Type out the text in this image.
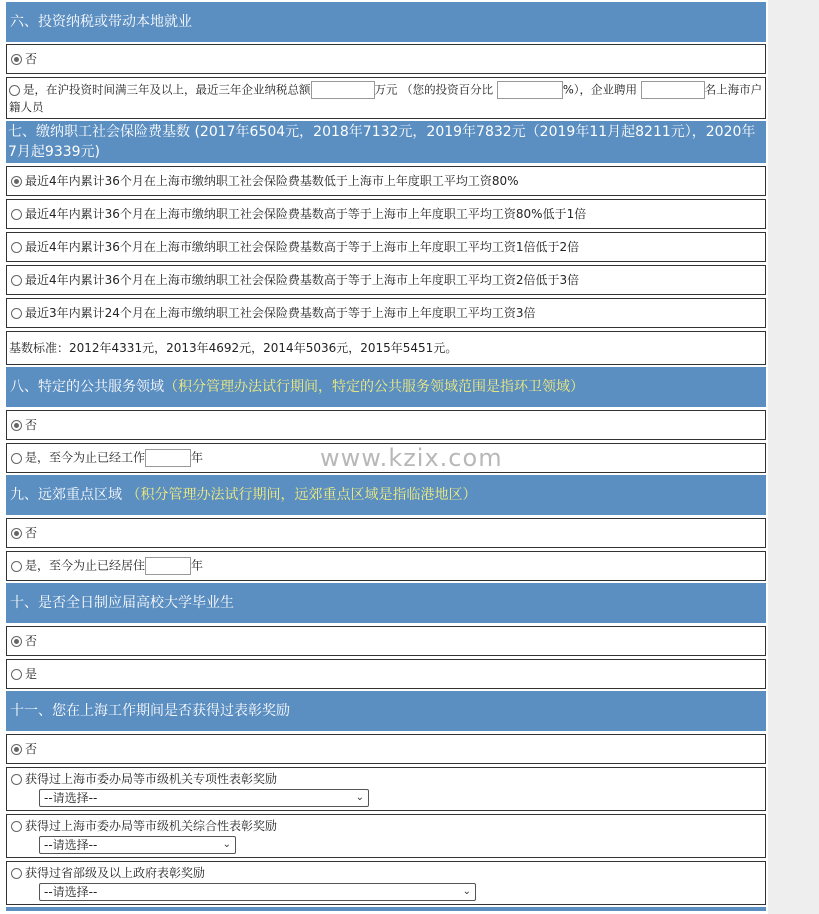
六、投资纳税或带动本地就业
否
是，在沪投资时间满三年及以上，最近三年企业纳税总额	万元 （您的投资百分比	%），企业聘用	名上海市户籍人员
七、缴纳职工社会保险费基数 (2017年6504元，2018年7132元，2019年7832元（2019年11月起8211元），2020年7月起9339元)
最近4年内累计36个月在上海市缴纳职工社会保险费基数低于上海市上年度职工平均工资80%
最近4年内累计36个月在上海市缴纳职工社会保险费基数高于等于上海市上年度职工平均工资80%低于1倍
最近4年内累计36个月在上海市缴纳职工社会保险费基数高于等于上海市上年度职工平均工资1倍低于2倍
最近4年内累计36个月在上海市缴纳职工社会保险费基数高于等于上海市上年度职工平均工资2倍低于3倍
最近3年内累计24个月在上海市缴纳职工社会保险费基数高于等于上海市上年度职工平均工资3倍
基数标准：2012年4331元，2013年4692元，2014年5036元，2015年5451元。
八、特定的公共服务领域（积分管理办法试行期间，特定的公共服务领域范围是指环卫领域）
否
是，至今为止已经工作	年
九、远郊重点区域 （积分管理办法试行期间，远郊重点区域是指临港地区）
否
是，至今为止已经居住	年
十、是否全日制应届高校大学毕业生
否
是
十一、您在上海工作期间是否获得过表彰奖励
否
获得过上海市委办局等市级机关专项性表彰奖励

--请选择--	⌄
获得过上海市委办局等市级机关综合性表彰奖励

--请选择--	⌄
获得过省部级及以上政府表彰奖励

--请选择--	⌄
www.kzix.com
